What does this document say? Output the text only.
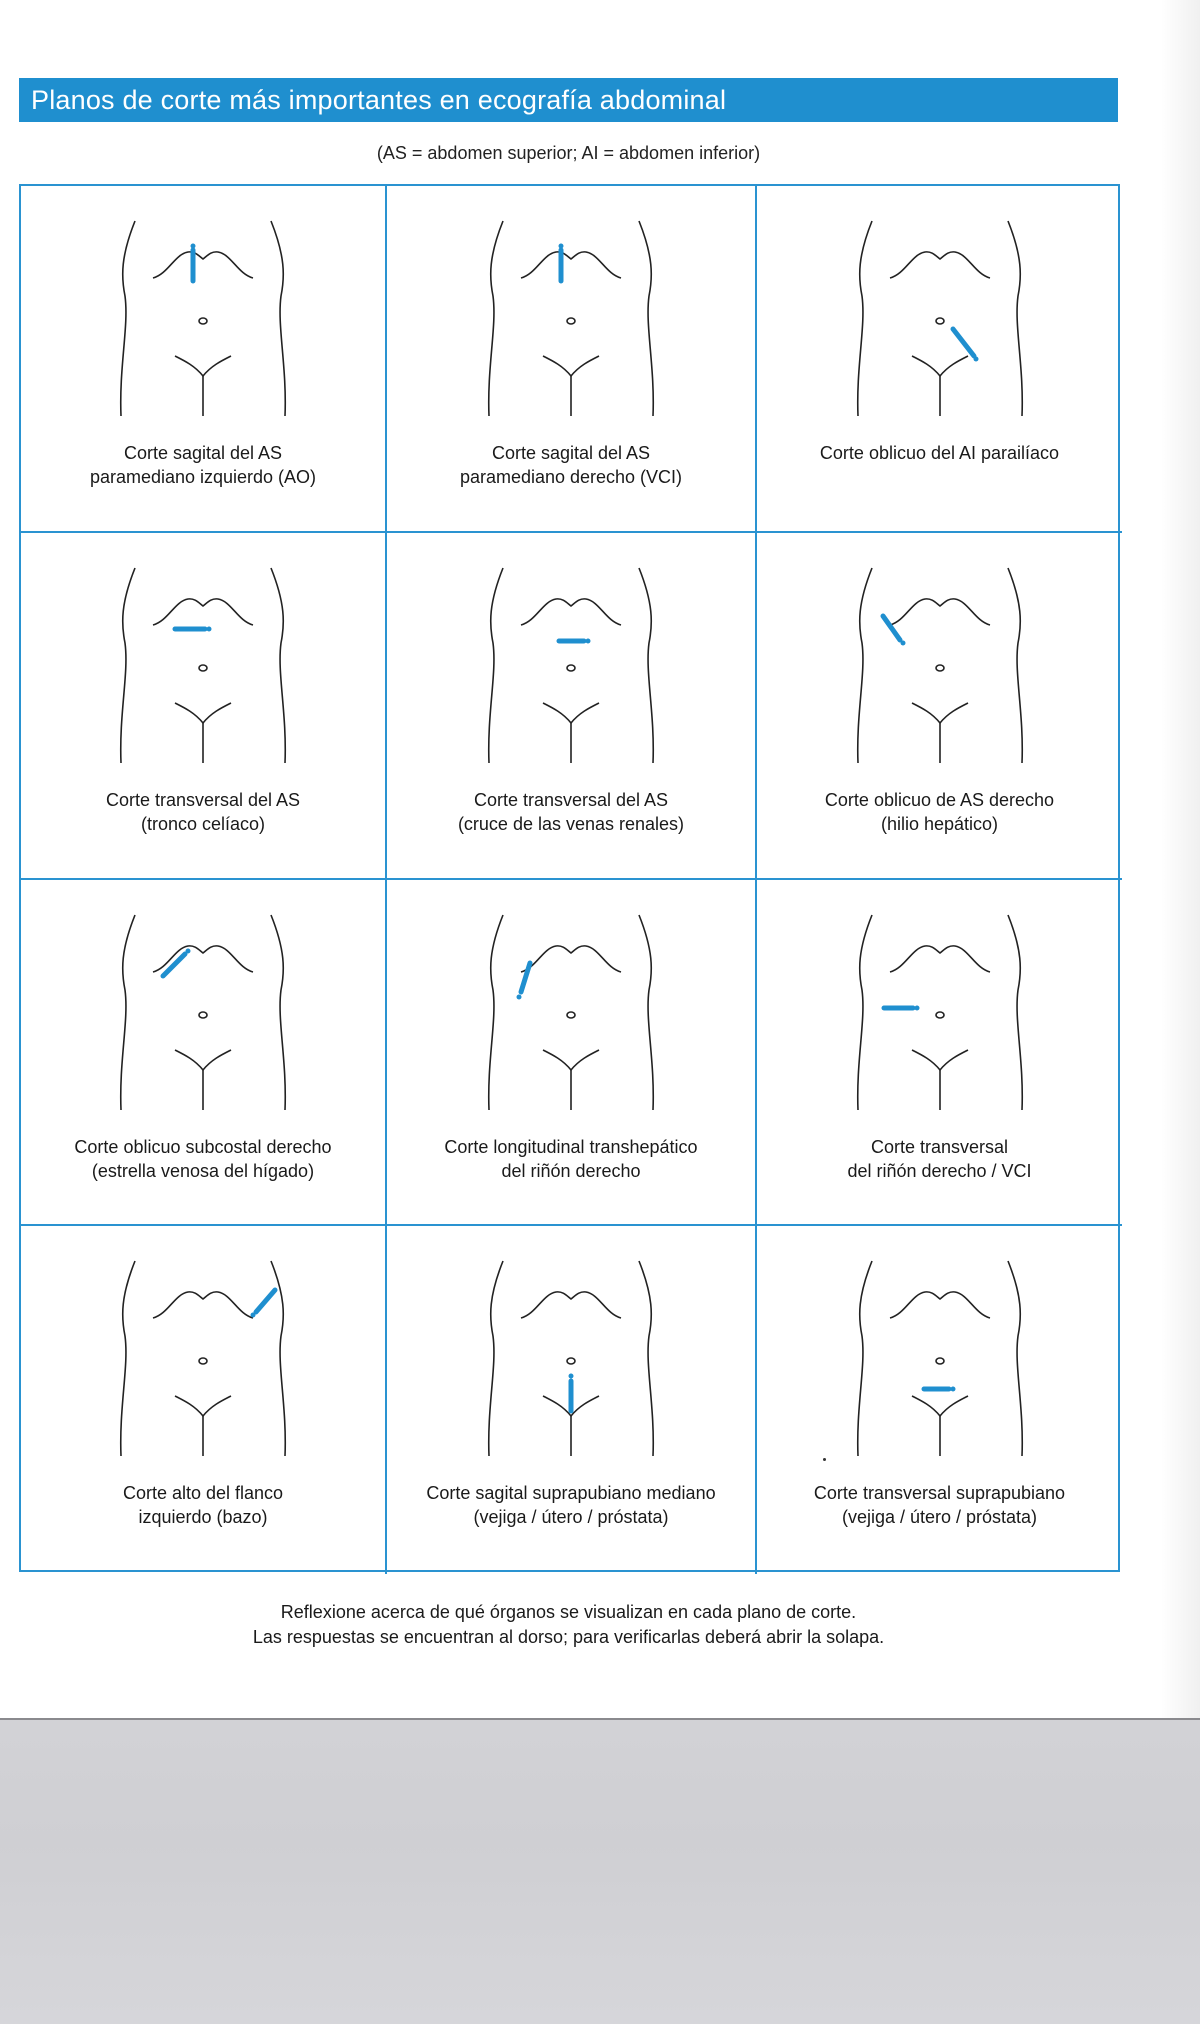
Planos de corte más importantes en ecografía abdominal
(AS = abdomen superior; AI = abdomen inferior)
Corte sagital del AS
paramediano izquierdo (AO)
Corte sagital del AS
paramediano derecho (VCI)
Corte oblicuo del AI parailíaco
Corte transversal del AS
(tronco celíaco)
Corte transversal del AS
(cruce de las venas renales)
Corte oblicuo de AS derecho
(hilio hepático)
Corte oblicuo subcostal derecho
(estrella venosa del hígado)
Corte longitudinal transhepático
del riñón derecho
Corte transversal
del riñón derecho / VCI
Corte alto del flanco
izquierdo (bazo)
Corte sagital suprapubiano mediano
(vejiga / útero / próstata)
Corte transversal suprapubiano
(vejiga / útero / próstata)
Reflexione acerca de qué órganos se visualizan en cada plano de corte.
Las respuestas se encuentran al dorso; para verificarlas deberá abrir la solapa.
